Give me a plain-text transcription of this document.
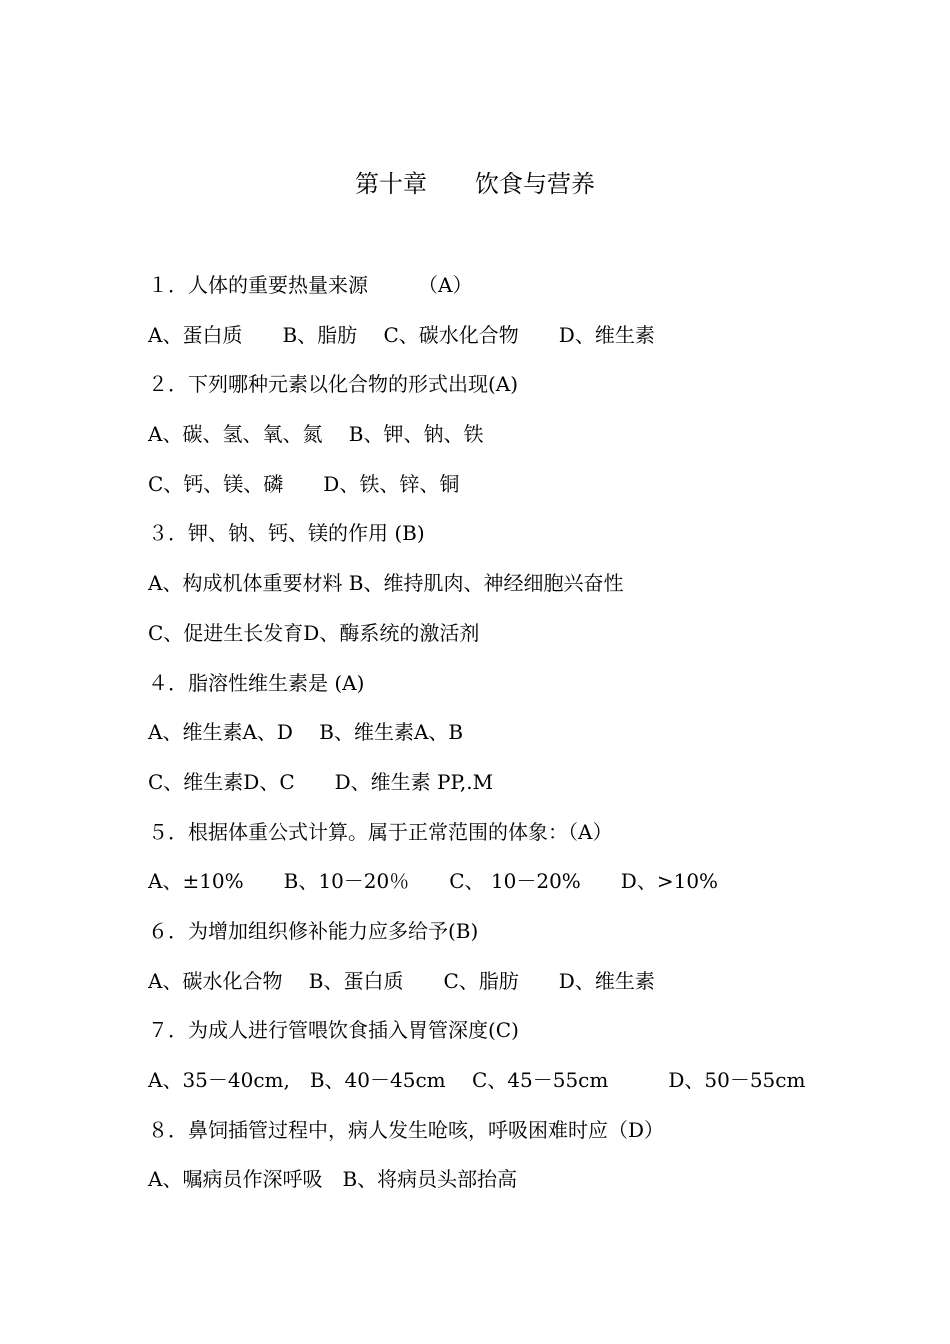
第十章　　饮食与营养
１．人体的重要热量来源　　　（A）
A、蛋白质　　B、脂肪　 C、碳水化合物　　D、维生素
２．下列哪种元素以化合物的形式出现(A)
A、碳、氢、氧、氮　 B、钾、钠、铁
C、钙、镁、磷　　D、铁、锌、铜
３．钾、钠、钙、镁的作用 (B)
A、构成机体重要材料 B、维持肌肉、神经细胞兴奋性
C、促进生长发育D、酶系统的激活剂
４．脂溶性维生素是 (A)
A、维生素A、D　 B、维生素A、B
C、维生素D、C　　D、维生素 PP,.M
５．根据体重公式计算。属于正常范围的体象：（A）
A、±10%　　B、10－20％　　C、 10－20%　　D、>10%
６．为增加组织修补能力应多给予(B)
A、碳水化合物　 B、蛋白质　　C、脂肪　　D、维生素
７．为成人进行管喂饮食插入胃管深度(C)
A、35－40cm,　B、40－45cm　 C、45－55cm　　　D、50－55cm
８．鼻饲插管过程中，病人发生呛咳，呼吸困难时应（D）
A、嘱病员作深呼吸　B、将病员头部抬高
